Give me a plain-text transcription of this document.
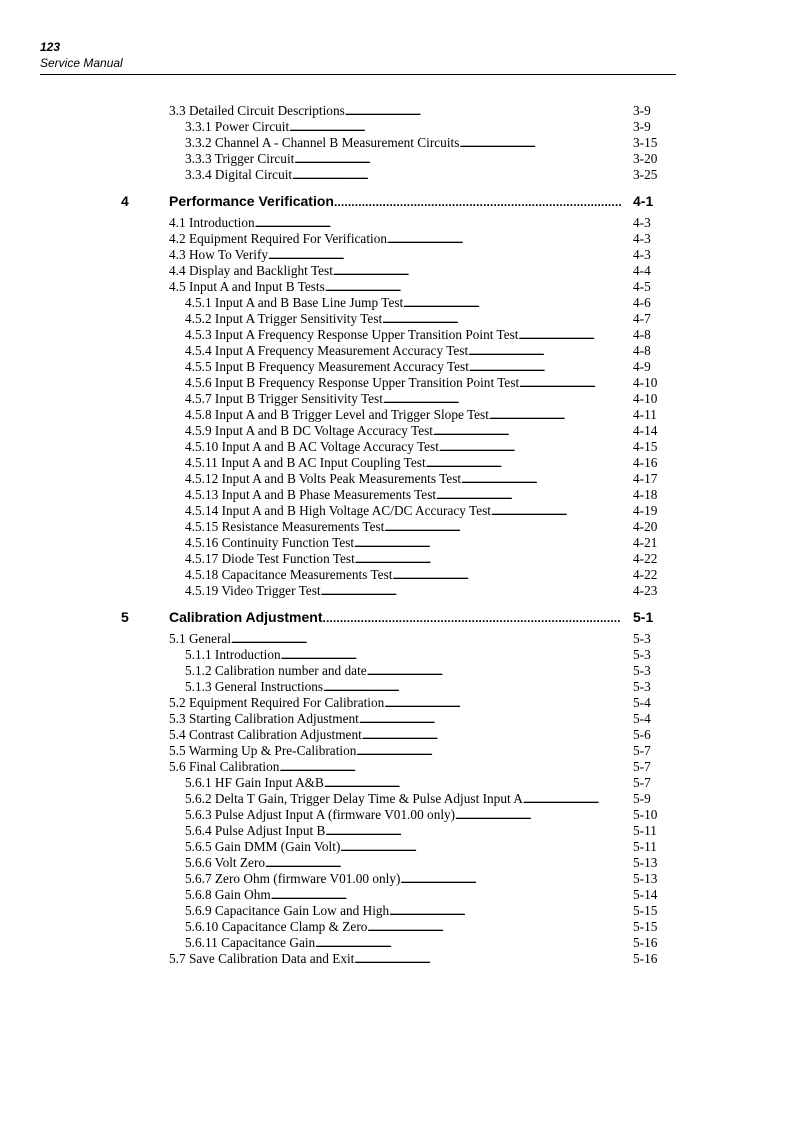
123
Service Manual
3.3 Detailed Circuit Descriptions . . .	3-9
3.3.1 Power Circuit . . .	3-9
3.3.2 Channel A - Channel B Measurement Circuits . . .	3-15
3.3.3 Trigger Circuit . . .	3-20
3.3.4 Digital Circuit . . .	3-25
4	Performance Verification . . .	4-1
4.1 Introduction . . .	4-3
4.2 Equipment Required For Verification . . .	4-3
4.3 How To Verify . . .	4-3
4.4 Display and Backlight Test . . .	4-4
4.5 Input A and Input B Tests . . .	4-5
4.5.1 Input A and B Base Line Jump Test . . .	4-6
4.5.2 Input A Trigger Sensitivity Test . . .	4-7
4.5.3 Input A Frequency Response Upper Transition Point Test . . .	4-8
4.5.4 Input A Frequency Measurement Accuracy Test . . .	4-8
4.5.5 Input B Frequency Measurement Accuracy Test . . .	4-9
4.5.6 Input B Frequency Response Upper Transition Point Test . . .	4-10
4.5.7 Input B Trigger Sensitivity Test . . .	4-10
4.5.8 Input A and B Trigger Level and Trigger Slope Test . . .	4-11
4.5.9 Input A and B DC Voltage Accuracy Test . . .	4-14
4.5.10 Input A and B AC Voltage Accuracy Test . . .	4-15
4.5.11 Input A and B AC Input Coupling Test . . .	4-16
4.5.12 Input A and B Volts Peak Measurements Test . . .	4-17
4.5.13 Input A and B Phase Measurements Test . . .	4-18
4.5.14 Input A and B High Voltage AC/DC Accuracy Test . . .	4-19
4.5.15 Resistance Measurements Test . . .	4-20
4.5.16 Continuity Function Test . . .	4-21
4.5.17 Diode Test Function Test . . .	4-22
4.5.18 Capacitance Measurements Test . . .	4-22
4.5.19 Video Trigger Test . . .	4-23
5	Calibration Adjustment . . .	5-1
5.1 General . . .	5-3
5.1.1 Introduction . . .	5-3
5.1.2 Calibration number and date . . .	5-3
5.1.3 General Instructions . . .	5-3
5.2 Equipment Required For Calibration . . .	5-4
5.3 Starting Calibration Adjustment . . .	5-4
5.4 Contrast Calibration Adjustment . . .	5-6
5.5 Warming Up & Pre-Calibration . . .	5-7
5.6 Final Calibration . . .	5-7
5.6.1 HF Gain Input A&B . . .	5-7
5.6.2 Delta T Gain, Trigger Delay Time & Pulse Adjust Input A . . .	5-9
5.6.3 Pulse Adjust Input A (firmware V01.00 only) . . .	5-10
5.6.4 Pulse Adjust Input B . . .	5-11
5.6.5 Gain DMM (Gain Volt) . . .	5-11
5.6.6 Volt Zero . . .	5-13
5.6.7 Zero Ohm (firmware V01.00 only) . . .	5-13
5.6.8 Gain Ohm . . .	5-14
5.6.9 Capacitance Gain Low and High . . .	5-15
5.6.10 Capacitance Clamp & Zero . . .	5-15
5.6.11 Capacitance Gain . . .	5-16
5.7 Save Calibration Data and Exit . . .	5-16
